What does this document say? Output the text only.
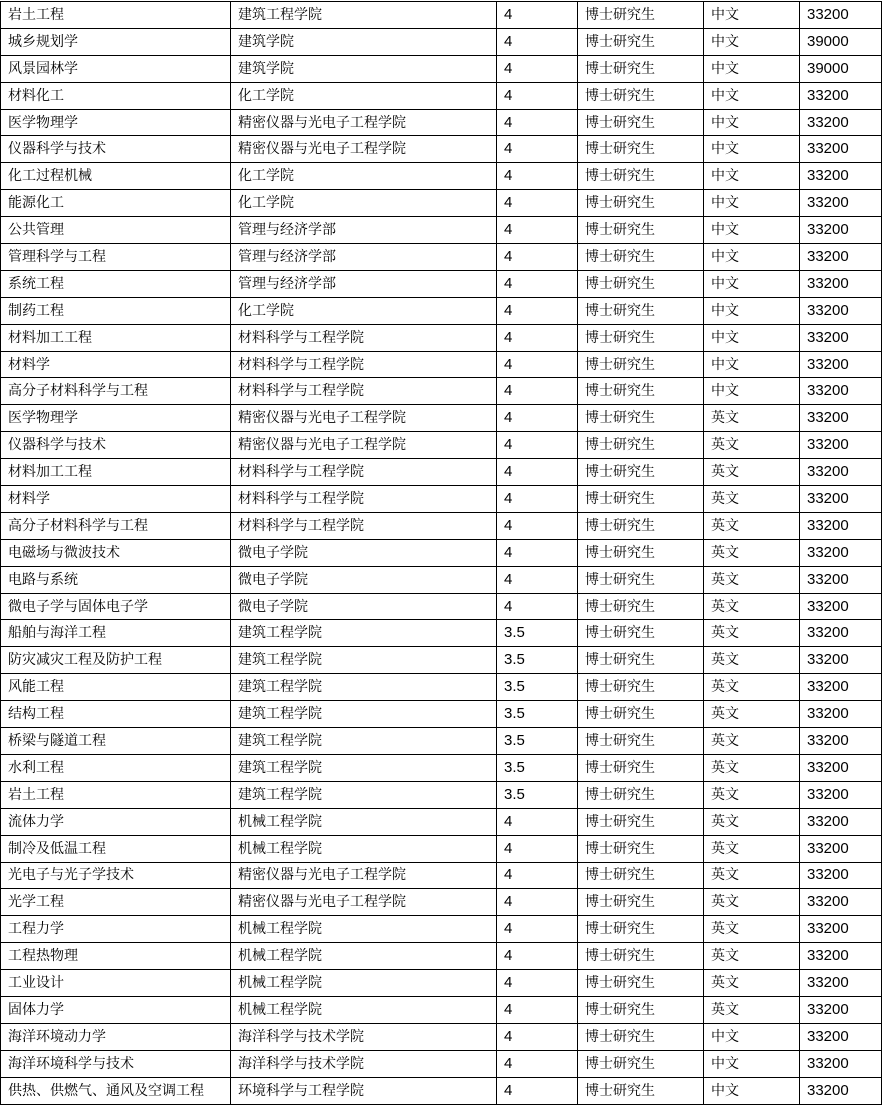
岩土工程	建筑工程学院	4	博士研究生	中文	33200
城乡规划学	建筑学院	4	博士研究生	中文	39000
风景园林学	建筑学院	4	博士研究生	中文	39000
材料化工	化工学院	4	博士研究生	中文	33200
医学物理学	精密仪器与光电子工程学院	4	博士研究生	中文	33200
仪器科学与技术	精密仪器与光电子工程学院	4	博士研究生	中文	33200
化工过程机械	化工学院	4	博士研究生	中文	33200
能源化工	化工学院	4	博士研究生	中文	33200
公共管理	管理与经济学部	4	博士研究生	中文	33200
管理科学与工程	管理与经济学部	4	博士研究生	中文	33200
系统工程	管理与经济学部	4	博士研究生	中文	33200
制药工程	化工学院	4	博士研究生	中文	33200
材料加工工程	材料科学与工程学院	4	博士研究生	中文	33200
材料学	材料科学与工程学院	4	博士研究生	中文	33200
高分子材料科学与工程	材料科学与工程学院	4	博士研究生	中文	33200
医学物理学	精密仪器与光电子工程学院	4	博士研究生	英文	33200
仪器科学与技术	精密仪器与光电子工程学院	4	博士研究生	英文	33200
材料加工工程	材料科学与工程学院	4	博士研究生	英文	33200
材料学	材料科学与工程学院	4	博士研究生	英文	33200
高分子材料科学与工程	材料科学与工程学院	4	博士研究生	英文	33200
电磁场与微波技术	微电子学院	4	博士研究生	英文	33200
电路与系统	微电子学院	4	博士研究生	英文	33200
微电子学与固体电子学	微电子学院	4	博士研究生	英文	33200
船舶与海洋工程	建筑工程学院	3.5	博士研究生	英文	33200
防灾减灾工程及防护工程	建筑工程学院	3.5	博士研究生	英文	33200
风能工程	建筑工程学院	3.5	博士研究生	英文	33200
结构工程	建筑工程学院	3.5	博士研究生	英文	33200
桥梁与隧道工程	建筑工程学院	3.5	博士研究生	英文	33200
水利工程	建筑工程学院	3.5	博士研究生	英文	33200
岩土工程	建筑工程学院	3.5	博士研究生	英文	33200
流体力学	机械工程学院	4	博士研究生	英文	33200
制冷及低温工程	机械工程学院	4	博士研究生	英文	33200
光电子与光子学技术	精密仪器与光电子工程学院	4	博士研究生	英文	33200
光学工程	精密仪器与光电子工程学院	4	博士研究生	英文	33200
工程力学	机械工程学院	4	博士研究生	英文	33200
工程热物理	机械工程学院	4	博士研究生	英文	33200
工业设计	机械工程学院	4	博士研究生	英文	33200
固体力学	机械工程学院	4	博士研究生	英文	33200
海洋环境动力学	海洋科学与技术学院	4	博士研究生	中文	33200
海洋环境科学与技术	海洋科学与技术学院	4	博士研究生	中文	33200
供热、供燃气、通风及空调工程	环境科学与工程学院	4	博士研究生	中文	33200
